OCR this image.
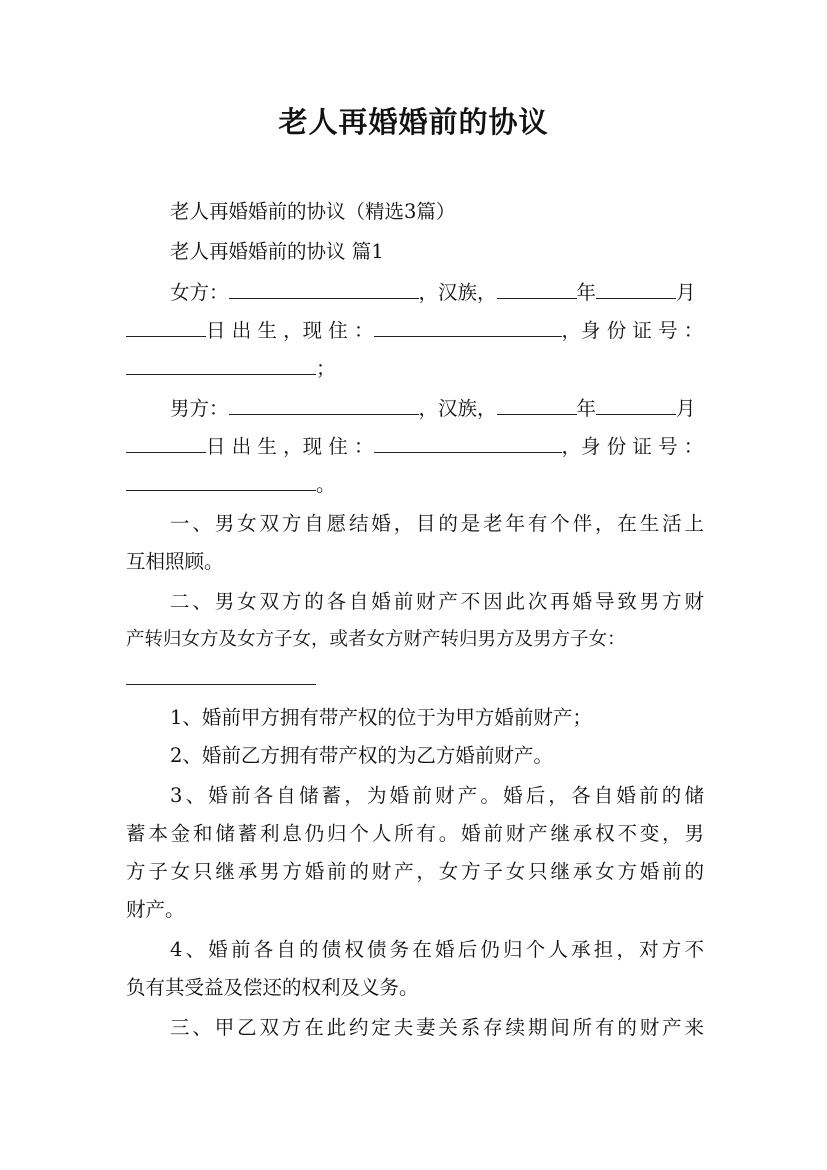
老人再婚婚前的协议
老人再婚婚前的协议（精选3篇）
老人再婚婚前的协议 篇1
女方：	，汉族，	年	月
日 出 生 ，现 住 ：	，身 份 证 号 ：
；
男方：	，汉族，	年	月
日 出 生 ，现 住 ：	，身 份 证 号 ：
。
一、男女双方自愿结婚，目的是老年有个伴，在生活上
互相照顾。
二、男女双方的各自婚前财产不因此次再婚导致男方财
产转归女方及女方子女，或者女方财产转归男方及男方子女：
1、婚前甲方拥有带产权的位于为甲方婚前财产；
2、婚前乙方拥有带产权的为乙方婚前财产。
3、婚前各自储蓄，为婚前财产。婚后，各自婚前的储
蓄本金和储蓄利息仍归个人所有。婚前财产继承权不变，男
方子女只继承男方婚前的财产，女方子女只继承女方婚前的
财产。
4、婚前各自的债权债务在婚后仍归个人承担，对方不
负有其受益及偿还的权利及义务。
三、甲乙双方在此约定夫妻关系存续期间所有的财产来
